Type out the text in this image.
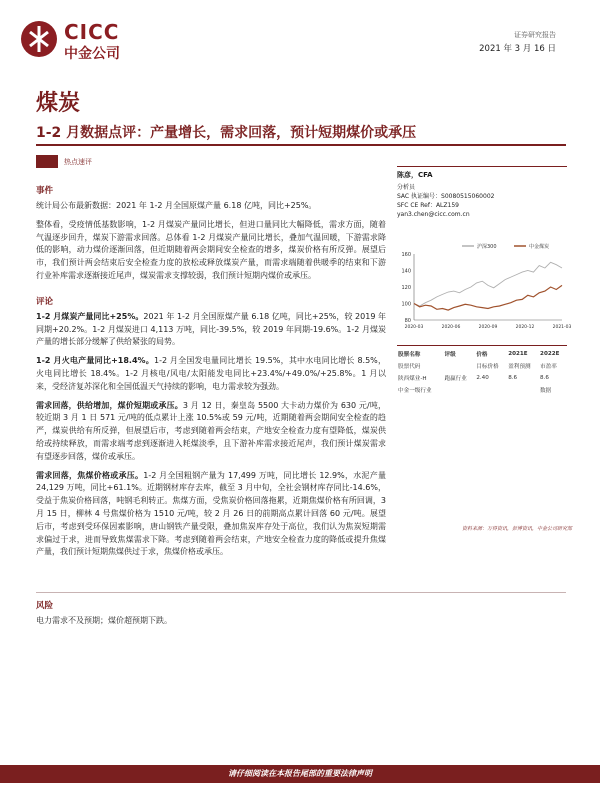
CICC
中金公司
证券研究报告
2021 年 3 月 16 日
煤炭
1-2 月数据点评：产量增长，需求回落，预计短期煤价或承压
热点速评

事件

统计局公布最新数据：2021 年 1-2 月全国原煤产量 6.18 亿吨，同比+25%。

整体看，受疫情低基数影响，1-2 月煤炭产量同比增长，但进口量同比大幅降低，需求方面，随着气温逐步回升，煤炭下游需求回落。总体看 1-2 月煤炭产量同比增长，叠加气温回暖，下游需求降低的影响，动力煤价逐渐回落，但近期随着两会期间安全检查的增多，煤炭价格有所反弹。展望后市，我们预计两会结束后安全检查力度的放松或释放煤炭产量，而需求端随着供暖季的结束和下游行业补库需求逐渐接近尾声，煤炭需求支撑较弱，我们预计短期内煤价或承压。

评论

1-2 月煤炭产量同比+25%。2021 年 1-2 月全国原煤产量 6.18 亿吨，同比+25%，较 2019 年同期+20.2%。1-2 月煤炭进口 4,113 万吨，同比-39.5%，较 2019 年同期-19.6%。1-2 月煤炭产量的增长部分缓解了供给紧张的局势。

1-2 月火电产量同比+18.4%。1-2 月全国发电量同比增长 19.5%，其中水电同比增长 8.5%，火电同比增长 18.4%。1-2 月核电/风电/太阳能发电同比+23.4%/+49.0%/+25.8%。1 月以来，受经济复苏深化和全国低温天气持续的影响，电力需求较为强劲。

需求回落，供给增加，煤价短期或承压。3 月 12 日，秦皇岛 5500 大卡动力煤价为 630 元/吨，较近期 3 月 1 日 571 元/吨的低点累计上涨 10.5%或 59 元/吨，近期随着两会期间安全检查的趋严，煤炭供给有所反弹，但展望后市，考虑到随着两会结束，产地安全检查力度有望降低，煤炭供给或持续释放，而需求端考虑到逐渐进入耗煤淡季，且下游补库需求接近尾声，我们预计煤炭需求有望逐步回落，煤价或承压。

需求回落，焦煤价格或承压。1-2 月全国粗钢产量为 17,499 万吨，同比增长 12.9%，水泥产量 24,129 万吨，同比+61.1%。近期钢材库存去库，截至 3 月中旬，全社会钢材库存同比-14.6%，受益于焦炭价格回落，吨钢毛利转正。焦煤方面，受焦炭价格回落拖累，近期焦煤价格有所回调，3 月 15 日，柳林 4 号焦煤价格为 1510 元/吨，较 2 月 26 日的前期高点累计回落 60 元/吨。展望后市，考虑到受环保因素影响，唐山钢铁产量受限，叠加焦炭库存处于高位，我们认为焦炭短期需求偏过于求，进而导致焦煤需求下降。考虑到随着两会结束，产地安全检查力度的降低或提升焦煤产量，我们预计短期焦煤供过于求，焦煤价格或承压。

风险

电力需求不及预期；煤价超预期下跌。

陈彦，CFA
分析员
SAC 执证编号：S0080515060002
SFC CE Ref：ALZ159
yan3.chen@cicc.com.cn
80
100
120
140
160
2020-03	2020-06	2020-09	2020-12	2021-03
沪深300	中金煤炭
股票名称	评级	价格	2021E	2022E
股票代码		目标价格	盈利预测	市盈率
陕西煤业-H	跑赢行业	2.40	8.6	8.6
中金一级行业				数据
资料来源：万得资讯，彭博资讯，中金公司研究部
请仔细阅读在本报告尾部的重要法律声明
